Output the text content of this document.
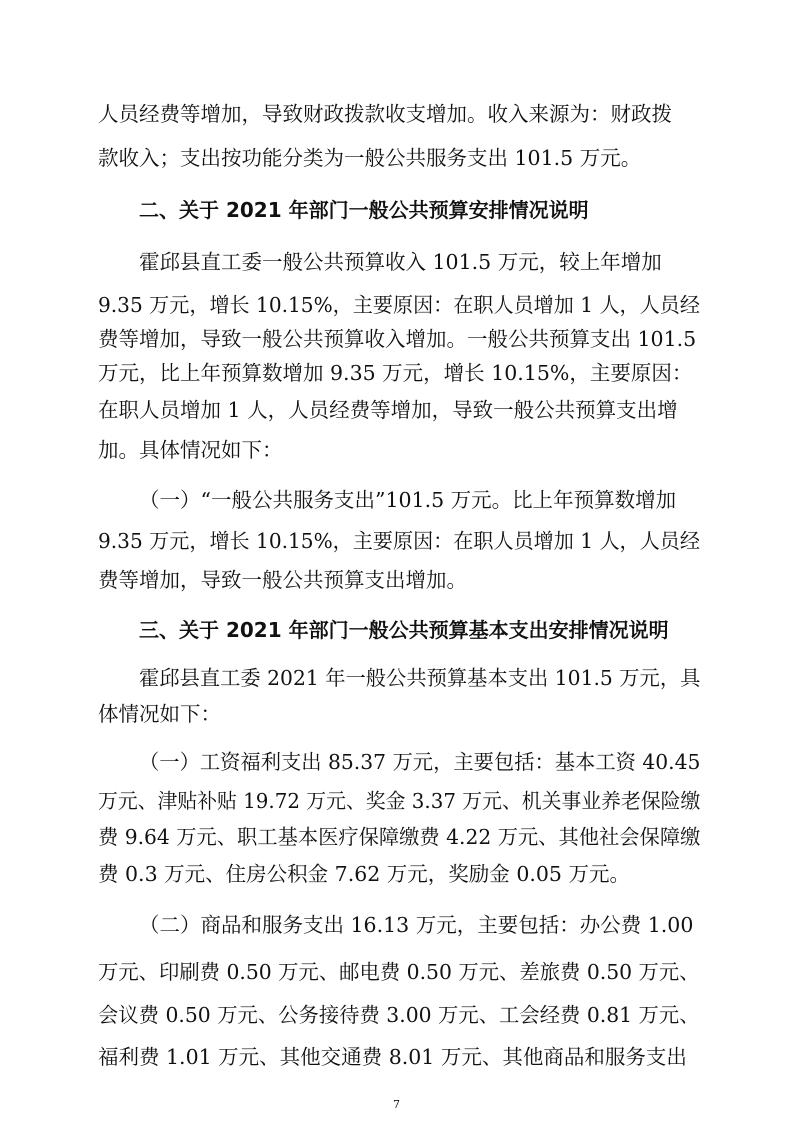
人员经费等增加，导致财政拨款收支增加。收入来源为：财政拨
款收入；支出按功能分类为一般公共服务支出 101.5 万元。
二、关于 2021 年部门一般公共预算安排情况说明
霍邱县直工委一般公共预算收入 101.5 万元，较上年增加
9.35 万元，增长 10.15%，主要原因：在职人员增加 1 人，人员经
费等增加，导致一般公共预算收入增加。一般公共预算支出 101.5
万元，比上年预算数增加 9.35 万元，增长 10.15%，主要原因：
在职人员增加 1 人，人员经费等增加，导致一般公共预算支出增
加。具体情况如下：
（一）“一般公共服务支出”101.5 万元。比上年预算数增加
9.35 万元，增长 10.15%，主要原因：在职人员增加 1 人，人员经
费等增加，导致一般公共预算支出增加。
三、关于 2021 年部门一般公共预算基本支出安排情况说明
霍邱县直工委 2021 年一般公共预算基本支出 101.5 万元，具
体情况如下：
（一）工资福利支出 85.37 万元，主要包括：基本工资 40.45
万元、津贴补贴 19.72 万元、奖金 3.37 万元、机关事业养老保险缴
费 9.64 万元、职工基本医疗保障缴费 4.22 万元、其他社会保障缴
费 0.3 万元、住房公积金 7.62 万元，奖励金 0.05 万元。
（二）商品和服务支出 16.13 万元，主要包括：办公费 1.00
万元、印刷费 0.50 万元、邮电费 0.50 万元、差旅费 0.50 万元、
会议费 0.50 万元、公务接待费 3.00 万元、工会经费 0.81 万元、
福利费 1.01 万元、其他交通费 8.01 万元、其他商品和服务支出
7
